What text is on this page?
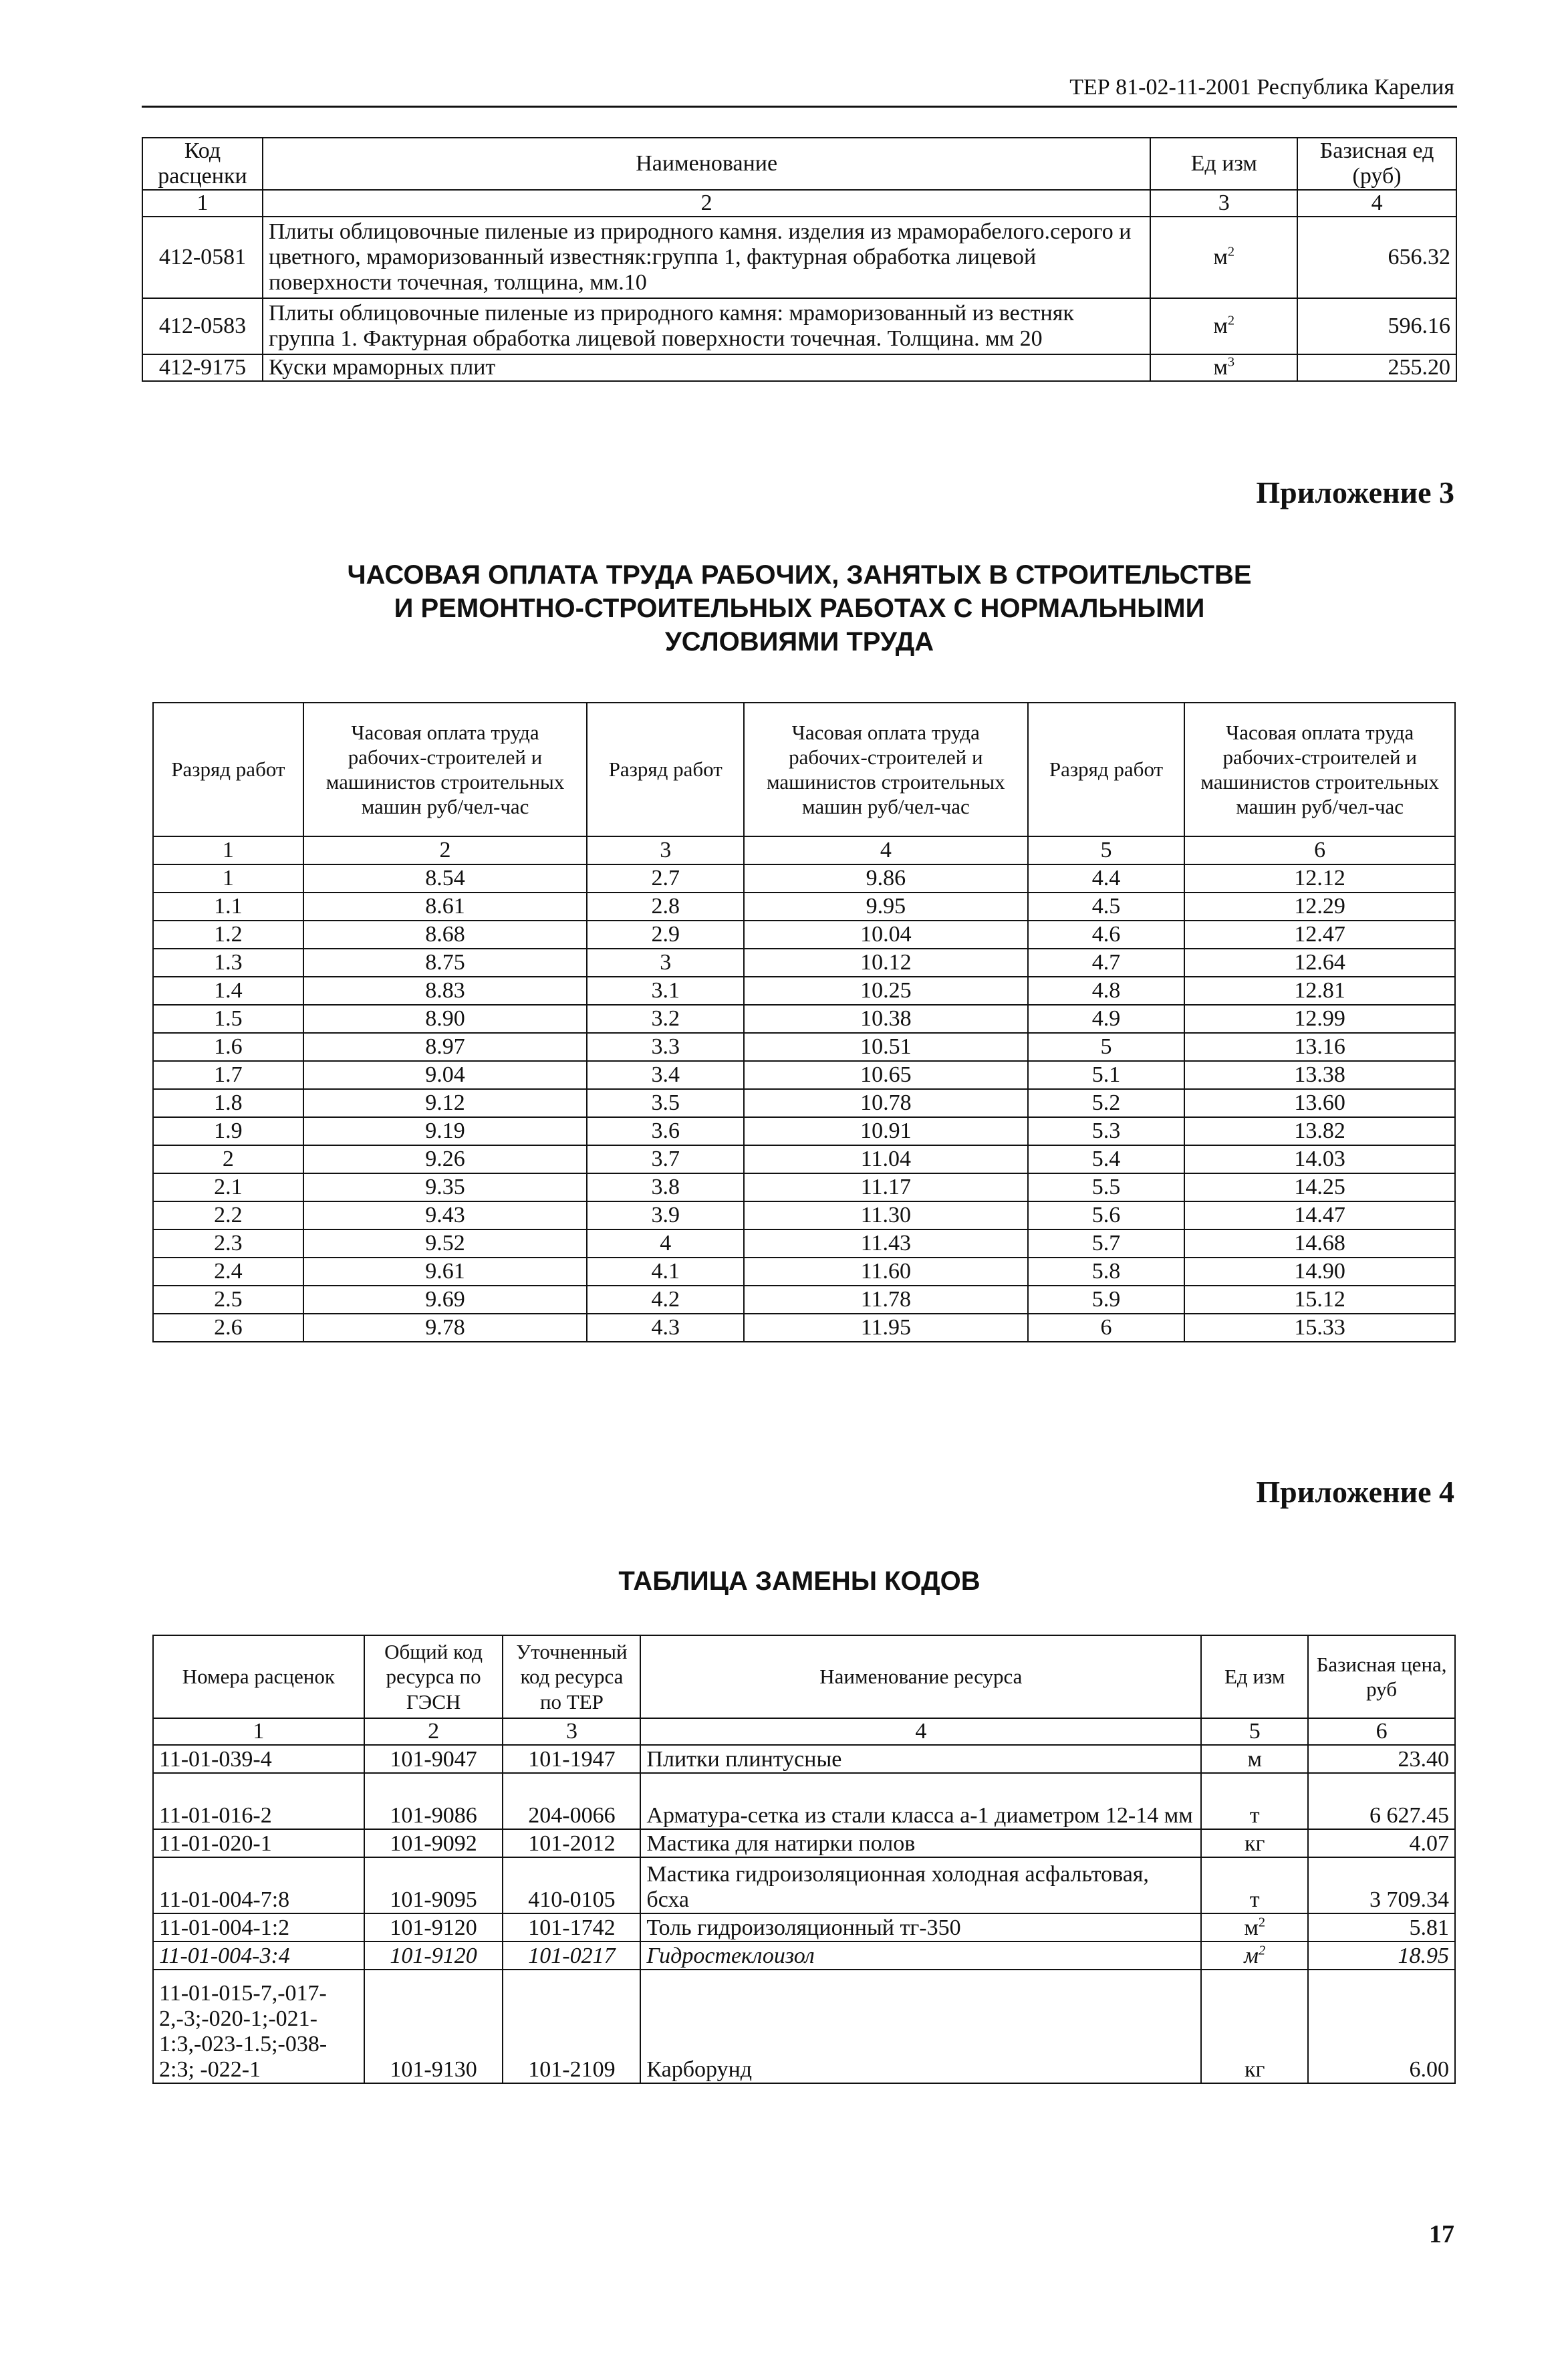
ТЕР 81-02-11-2001 Республика Карелия
Код расценки	Наименование	Ед изм	Базисная ед (руб)
1	2	3	4
412-0581	Плиты облицовочные пиленые из природного камня. изделия из мраморабелого.серого и цветного, мраморизованный известняк:группа 1, фактурная обработка лицевой поверхности точечная, толщина, мм.10	$м^2$	656.32
412-0583	Плиты облицовочные пиленые из природного камня: мраморизованный из вестняк группа 1. Фактурная обработка лицевой поверхности точечная. Толщина. мм 20	$м^2$	596.16
412-9175	Куски мраморных плит	$м^3$	255.20
Приложение 3
ЧАСОВАЯ ОПЛАТА ТРУДА РАБОЧИХ, ЗАНЯТЫХ В СТРОИТЕЛЬСТВЕ
И РЕМОНТНО-СТРОИТЕЛЬНЫХ РАБОТАХ С НОРМАЛЬНЫМИ
УСЛОВИЯМИ ТРУДА
Разряд работ	Часовая оплата труда рабочих-строителей и машинистов строительных машин руб/чел-час	Разряд работ	Часовая оплата труда рабочих-строителей и машинистов строительных машин руб/чел-час	Разряд работ	Часовая оплата труда рабочих-строителей и машинистов строительных машин руб/чел-час
1	2	3	4	5	6
1	8.54	2.7	9.86	4.4	12.12
1.1	8.61	2.8	9.95	4.5	12.29
1.2	8.68	2.9	10.04	4.6	12.47
1.3	8.75	3	10.12	4.7	12.64
1.4	8.83	3.1	10.25	4.8	12.81
1.5	8.90	3.2	10.38	4.9	12.99
1.6	8.97	3.3	10.51	5	13.16
1.7	9.04	3.4	10.65	5.1	13.38
1.8	9.12	3.5	10.78	5.2	13.60
1.9	9.19	3.6	10.91	5.3	13.82
2	9.26	3.7	11.04	5.4	14.03
2.1	9.35	3.8	11.17	5.5	14.25
2.2	9.43	3.9	11.30	5.6	14.47
2.3	9.52	4	11.43	5.7	14.68
2.4	9.61	4.1	11.60	5.8	14.90
2.5	9.69	4.2	11.78	5.9	15.12
2.6	9.78	4.3	11.95	6	15.33
Приложение 4
ТАБЛИЦА ЗАМЕНЫ КОДОВ
Номера расценок	Общий код ресурса по ГЭСН	Уточненный код ресурса по ТЕР	Наименование ресурса	Ед изм	Базисная цена, руб
1	2	3	4	5	6
11-01-039-4	101-9047	101-1947	Плитки плинтусные	м	23.40
11-01-016-2	101-9086	204-0066	Арматура-сетка из стали класса а-1 диаметром 12-14 мм	т	6 627.45
11-01-020-1	101-9092	101-2012	Мастика для натирки полов	кг	4.07
11-01-004-7:8	101-9095	410-0105	Мастика гидроизоляционная холодная асфальтовая, бсха	т	3 709.34
11-01-004-1:2	101-9120	101-1742	Толь гидроизоляционный тг-350	$м^2$	5.81
11-01-004-3:4	101-9120	101-0217	Гидростеклоизол	$м^2$	18.95
11-01-015-7,-017-2,-3;-020-1;-021-1:3,-023-1.5;-038-2:3; -022-1	101-9130	101-2109	Карборунд	кг	6.00
17
